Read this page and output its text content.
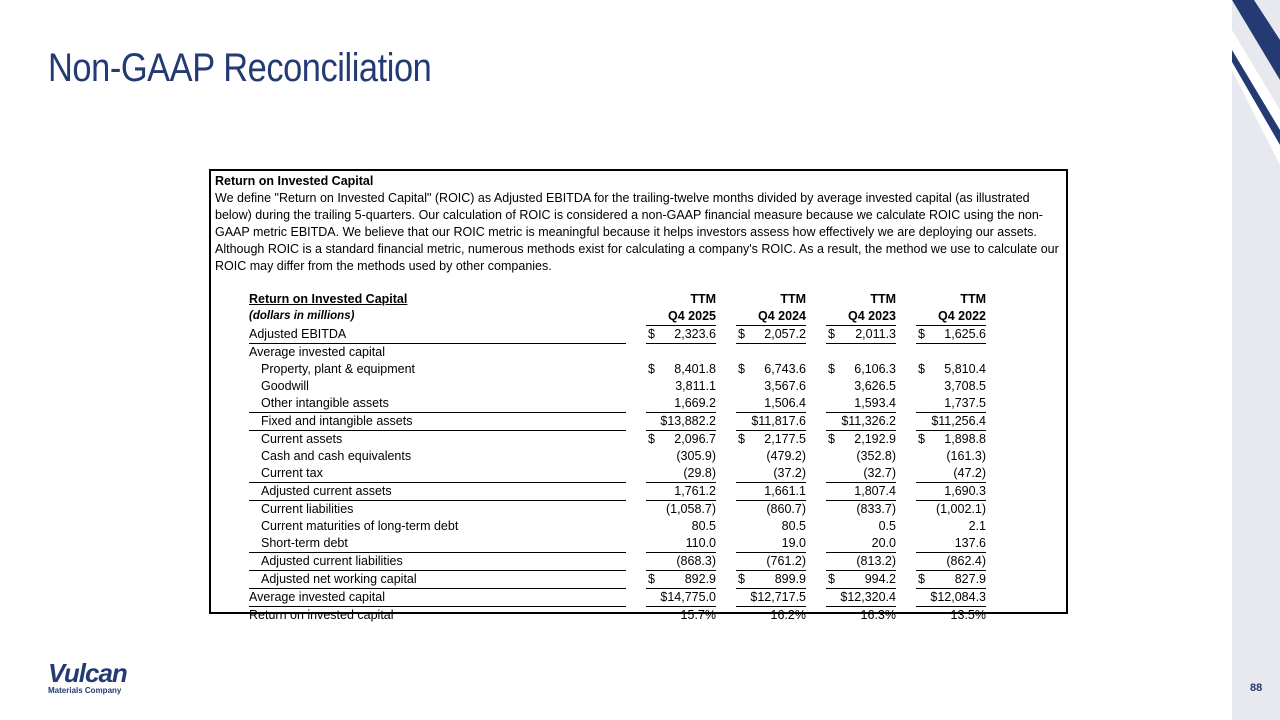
Non-GAAP Reconciliation
88
Vulcan
Materials Company
Return on Invested Capital
We define "Return on Invested Capital" (ROIC) as Adjusted EBITDA for the trailing-twelve months divided by average invested capital (as illustrated below) during the trailing 5-quarters. Our calculation of ROIC is considered a non-GAAP financial measure because we calculate ROIC using the non-GAAP metric EBITDA. We believe that our ROIC metric is meaningful because it helps investors assess how effectively we are deploying our assets. Although ROIC is a standard financial metric, numerous methods exist for calculating a company's ROIC. As a result, the method we use to calculate our ROIC may differ from the methods used by other companies.
Return on Invested Capital		TTM		TTM		TTM		TTM
(dollars in millions)		Q4 2025		Q4 2024		Q4 2023		Q4 2022
Adjusted EBITDA		$ 2,323.6		$ 2,057.2		$ 2,011.3		$ 1,625.6
Average invested capital								
Property, plant & equipment		$ 8,401.8		$ 6,743.6		$ 6,106.3		$ 5,810.4
Goodwill		3,811.1		3,567.6		3,626.5		3,708.5
Other intangible assets		1,669.2		1,506.4		1,593.4		1,737.5
Fixed and intangible assets		$13,882.2		$11,817.6		$11,326.2		$11,256.4
Current assets		$ 2,096.7		$ 2,177.5		$ 2,192.9		$ 1,898.8
Cash and cash equivalents		(305.9)		(479.2)		(352.8)		(161.3)
Current tax		(29.8)		(37.2)		(32.7)		(47.2)
Adjusted current assets		1,761.2		1,661.1		1,807.4		1,690.3
Current liabilities		(1,058.7)		(860.7)		(833.7)		(1,002.1)
Current maturities of long-term debt		80.5		80.5		0.5		2.1
Short-term debt		110.0		19.0		20.0		137.6
Adjusted current liabilities		(868.3)		(761.2)		(813.2)		(862.4)
Adjusted net working capital		$ 892.9		$ 899.9		$ 994.2		$ 827.9
Average invested capital		$14,775.0		$12,717.5		$12,320.4		$12,084.3
Return on invested capital		15.7%		16.2%		16.3%		13.5%
